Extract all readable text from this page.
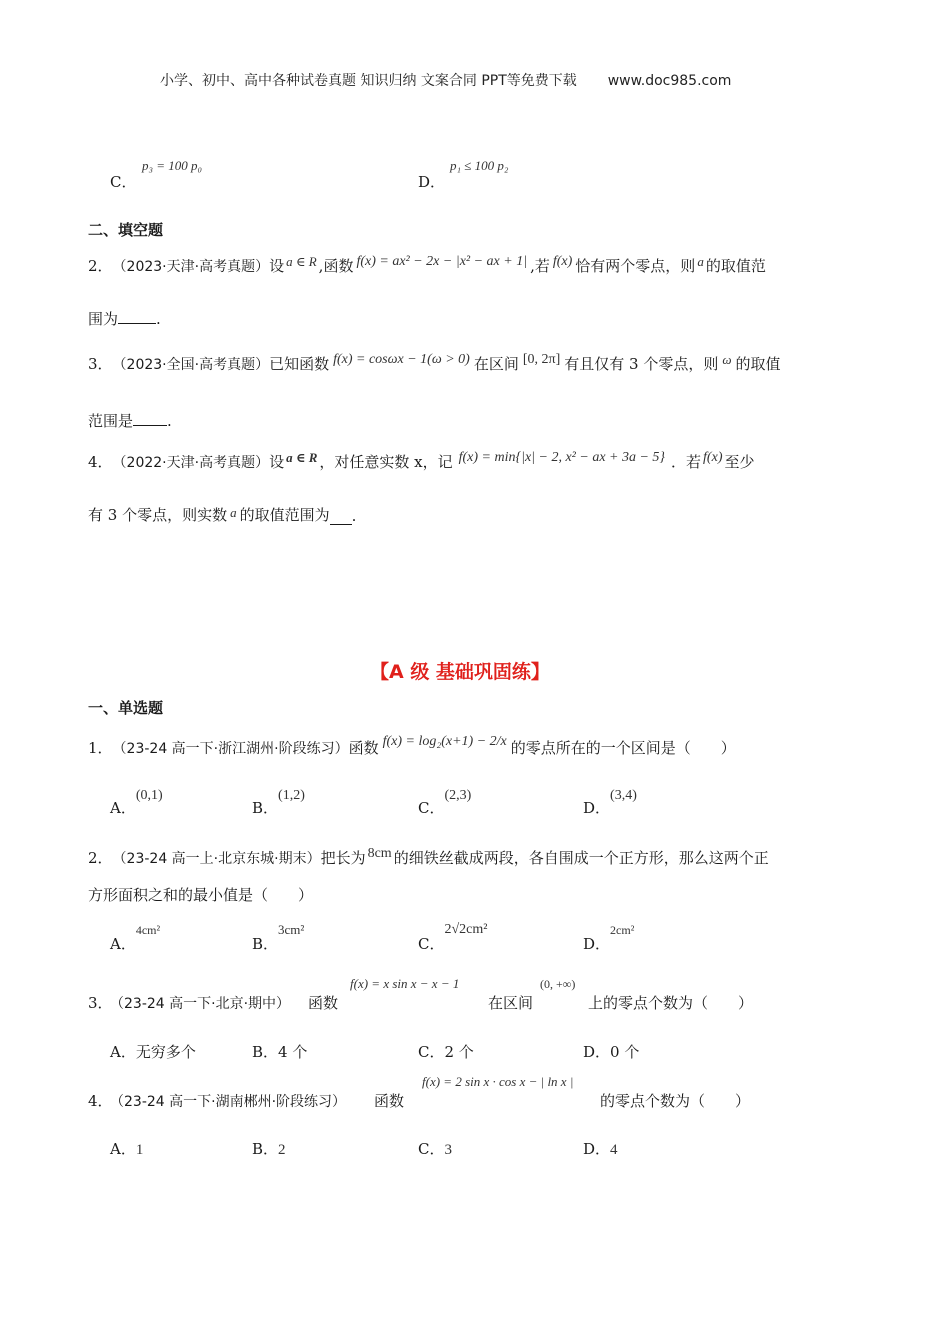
小学、初中、高中各种试卷真题 知识归纳 文案合同 PPT等免费下载 www.doc985.com
C．
p₃ = 100 p₀
D．
p₁ ≤ 100 p₂
二、填空题
2． （2023·天津·高考真题） 设 a ∈ R ,函数 f(x) = ax² − 2x − |x² − ax + 1| ,若 f(x) 恰有两个零点，则 a 的取值范
围为	.
3． （2023·全国·高考真题） 已知函数 f(x) = cosωx − 1(ω > 0) 在区间 [0, 2π] 有且仅有 3 个零点，则 ω 的取值
范围是 .
4． （2022·天津·高考真题） 设 a ∈ R ，对任意实数 x，记 f(x) = min{|x| − 2, x² − ax + 3a − 5} ．若 f(x) 至少
有 3 个零点，则实数 a 的取值范围为 .
【A 级 基础巩固练】
一、单选题
1． （23-24 高一下·浙江湖州·阶段练习） 函数 f(x) = log₂(x+1) − 2/x 的零点所在的一个区间是（　　）
A．
(0,1)
B．
(1,2)
C．
(2,3)
D．
(3,4)
2． （23-24 高一上·北京东城·期末） 把长为 8cm 的细铁丝截成两段，各自围成一个正方形，那么这两个正
方形面积之和的最小值是（　　）
A．
4cm²
B．
3cm²
C．
2√2cm²
D．
2cm²
3．
（23-24 高一下·北京·期中） 函数
f(x) = x sin x − x − 1
在区间
(0, +∞)
上的零点个数为（　　）
A．无穷多个	B．4 个	C．2 个	D．0 个
4．
（23-24 高一下·湖南郴州·阶段练习） 函数
f(x) = 2 sin x · cos x − | ln x |
的零点个数为（　　）
A．1	B．2	C．3	D．4
